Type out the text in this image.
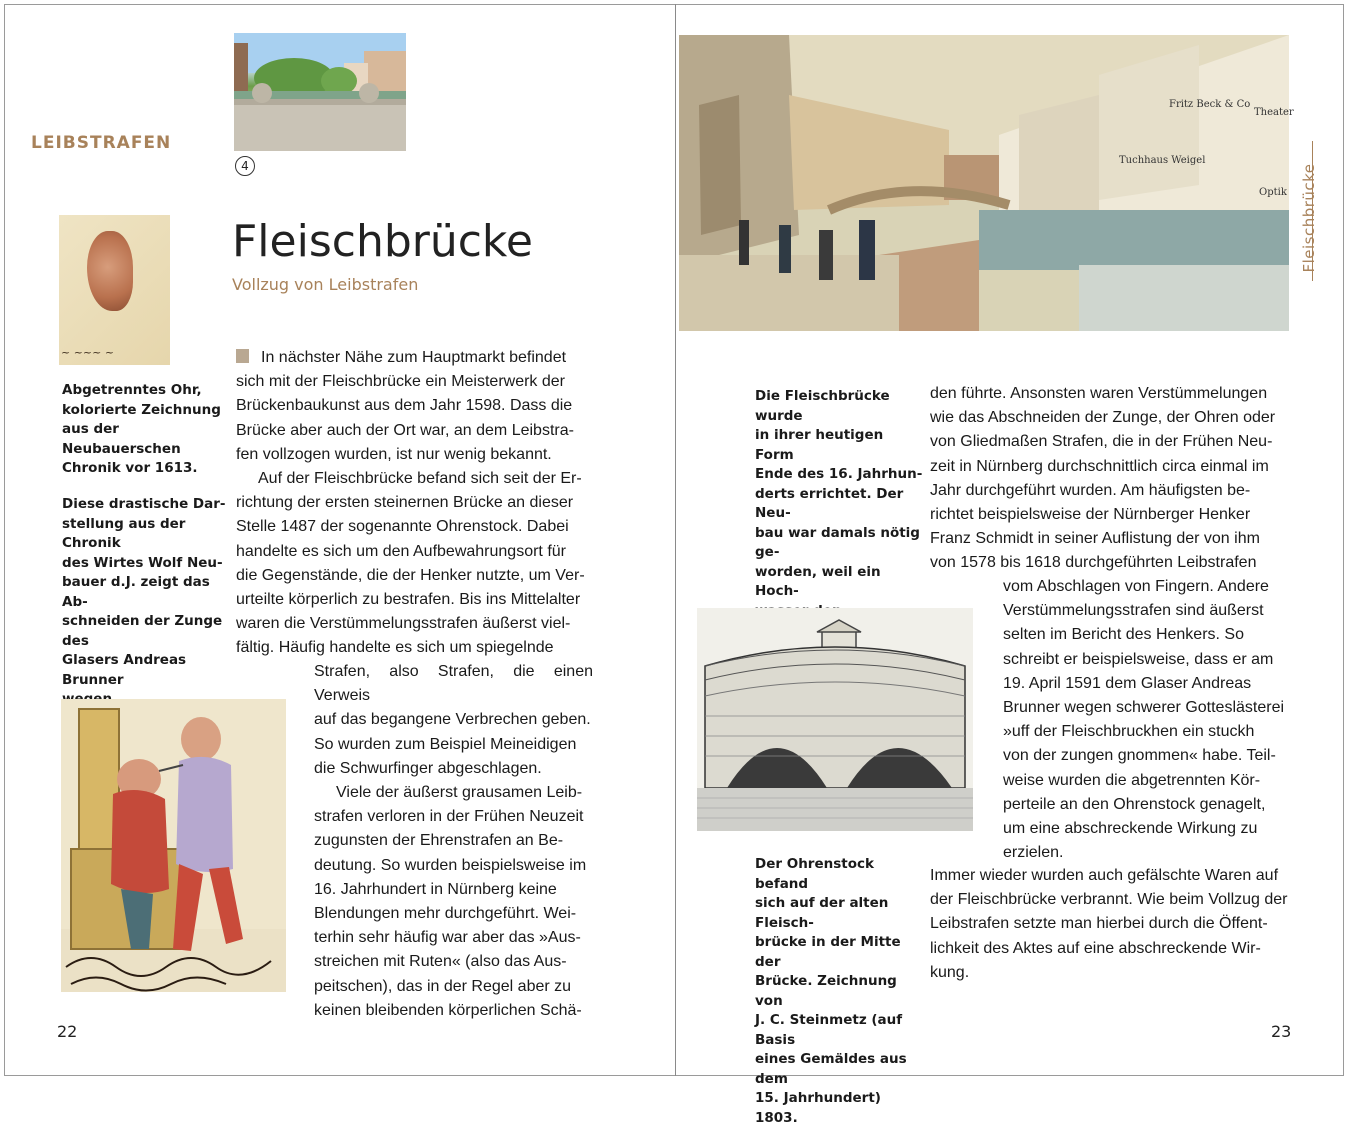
LEIBSTRAFEN
4
Fleischbrücke
Vollzug von Leibstrafen
~ ~~~ ~
Abgetrenntes Ohr,
kolorierte Zeichnung
aus der Neubauerschen
Chronik vor 1613.
Diese drastische Dar-
stellung aus der Chronik
des Wirtes Wolf Neu-
bauer d.J. zeigt das Ab-
schneiden der Zunge des
Glasers Andreas Brunner

In nächster Nähe zum Hauptmarkt befindet

sich mit der Fleischbrücke ein Meisterwerk der

Brückenbaukunst aus dem Jahr 1598. Dass die

Brücke aber auch der Ort war, an dem Leibstra-

fen vollzogen wurden, ist nur wenig bekannt.

Auf der Fleischbrücke befand sich seit der Er-

richtung der ersten steinernen Brücke an dieser

Stelle 1487 der sogenannte Ohrenstock. Dabei

handelte es sich um den Aufbewahrungsort für

die Gegenstände, die der Henker nutzte, um Ver-

urteilte körperlich zu bestrafen. Bis ins Mittelalter

waren die Verstümmelungsstrafen äußerst viel-

fältig. Häufig handelte es sich um spiegelnde

Strafen, also Strafen, die einen Verweis

auf das begangene Verbrechen geben.

So wurden zum Beispiel Meineidigen

die Schwurfinger abgeschlagen.

Viele der äußerst grausamen Leib-

strafen verloren in der Frühen Neuzeit

zugunsten der Ehrenstrafen an Be-

deutung. So wurden beispielsweise im

16. Jahrhundert in Nürnberg keine

Blendungen mehr durchgeführt. Wei-

terhin sehr häufig war aber das »Aus-

streichen mit Ruten« (also das Aus-

peitschen), das in der Regel aber zu

keinen bleibenden körperlichen Schä-

22
Fritz Beck & Co
Tuchhaus Weigel
Theater
Optik Fleischbrücke
Die Fleischbrücke wurde
in ihrer heutigen Form
Ende des 16. Jahrhun-
derts errichtet. Der Neu-
bau war damals nötig ge-
worden, weil ein Hoch-

den führte. Ansonsten waren Verstümmelungen

wie das Abschneiden der Zunge, der Ohren oder

von Gliedmaßen Strafen, die in der Frühen Neu-

zeit in Nürnberg durchschnittlich circa einmal im

Jahr durchgeführt wurden. Am häufigsten be-

richtet beispielsweise der Nürnberger Henker

Franz Schmidt in seiner Auflistung der von ihm

von 1578 bis 1618 durchgeführten Leibstrafen

vom Abschlagen von Fingern. Andere

Verstümmelungsstrafen sind äußerst

selten im Bericht des Henkers. So

schreibt er beispielsweise, dass er am

19. April 1591 dem Glaser Andreas

Brunner wegen schwerer Gotteslästerei

»uff der Fleischbruckhen ein stuckh

von der zungen gnommen« habe. Teil-

weise wurden die abgetrennten Kör-

perteile an den Ohrenstock genagelt,

um eine abschreckende Wirkung zu

erzielen.

Der Ohrenstock befand
sich auf der alten Fleisch-
brücke in der Mitte der
Brücke. Zeichnung von
J. C. Steinmetz (auf Basis
eines Gemäldes aus dem
15. Jahrhundert) 1803.

Immer wieder wurden auch gefälschte Waren auf

der Fleischbrücke verbrannt. Wie beim Vollzug der

Leibstrafen setzte man hierbei durch die Öffent-

lichkeit des Aktes auf eine abschreckende Wir-

kung.

23
